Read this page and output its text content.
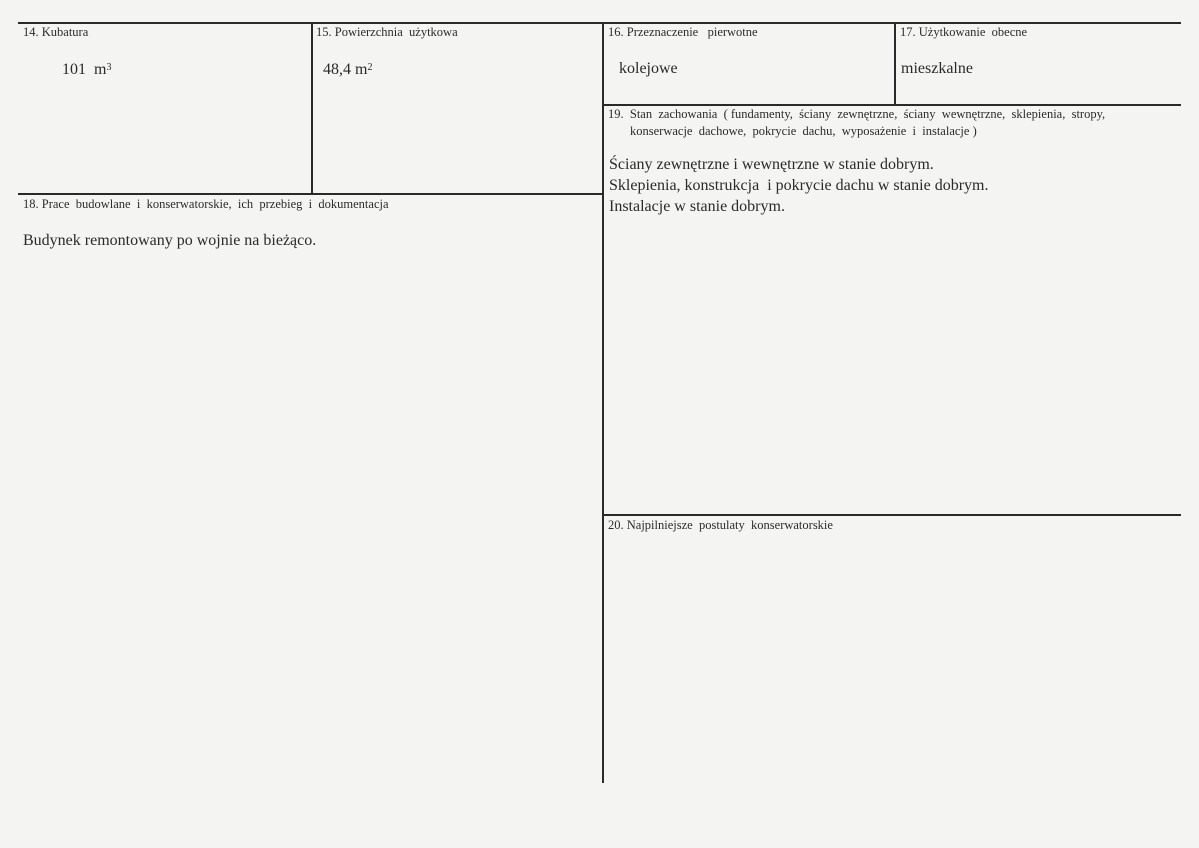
14. Kubatura
101  $m^3$
15. Powierzchnia  użytkowa
48,4 $m^2$
16. Przeznaczenie   pierwotne
kolejowe
17. Użytkowanie  obecne
mieszkalne
19.  Stan  zachowania  ( fundamenty,  ściany  zewnętrzne,  ściany  wewnętrzne,  sklepienia,  stropy,
konserwacje  dachowe,  pokrycie  dachu,  wyposażenie  i  instalacje )
Ściany zewnętrzne i wewnętrzne w stanie dobrym.
Sklepienia, konstrukcja  i pokrycie dachu w stanie dobrym.
Instalacje w stanie dobrym.
18. Prace  budowlane  i  konserwatorskie,  ich  przebieg  i  dokumentacja
Budynek remontowany po wojnie na bieżąco.
20. Najpilniejsze  postulaty  konserwatorskie
